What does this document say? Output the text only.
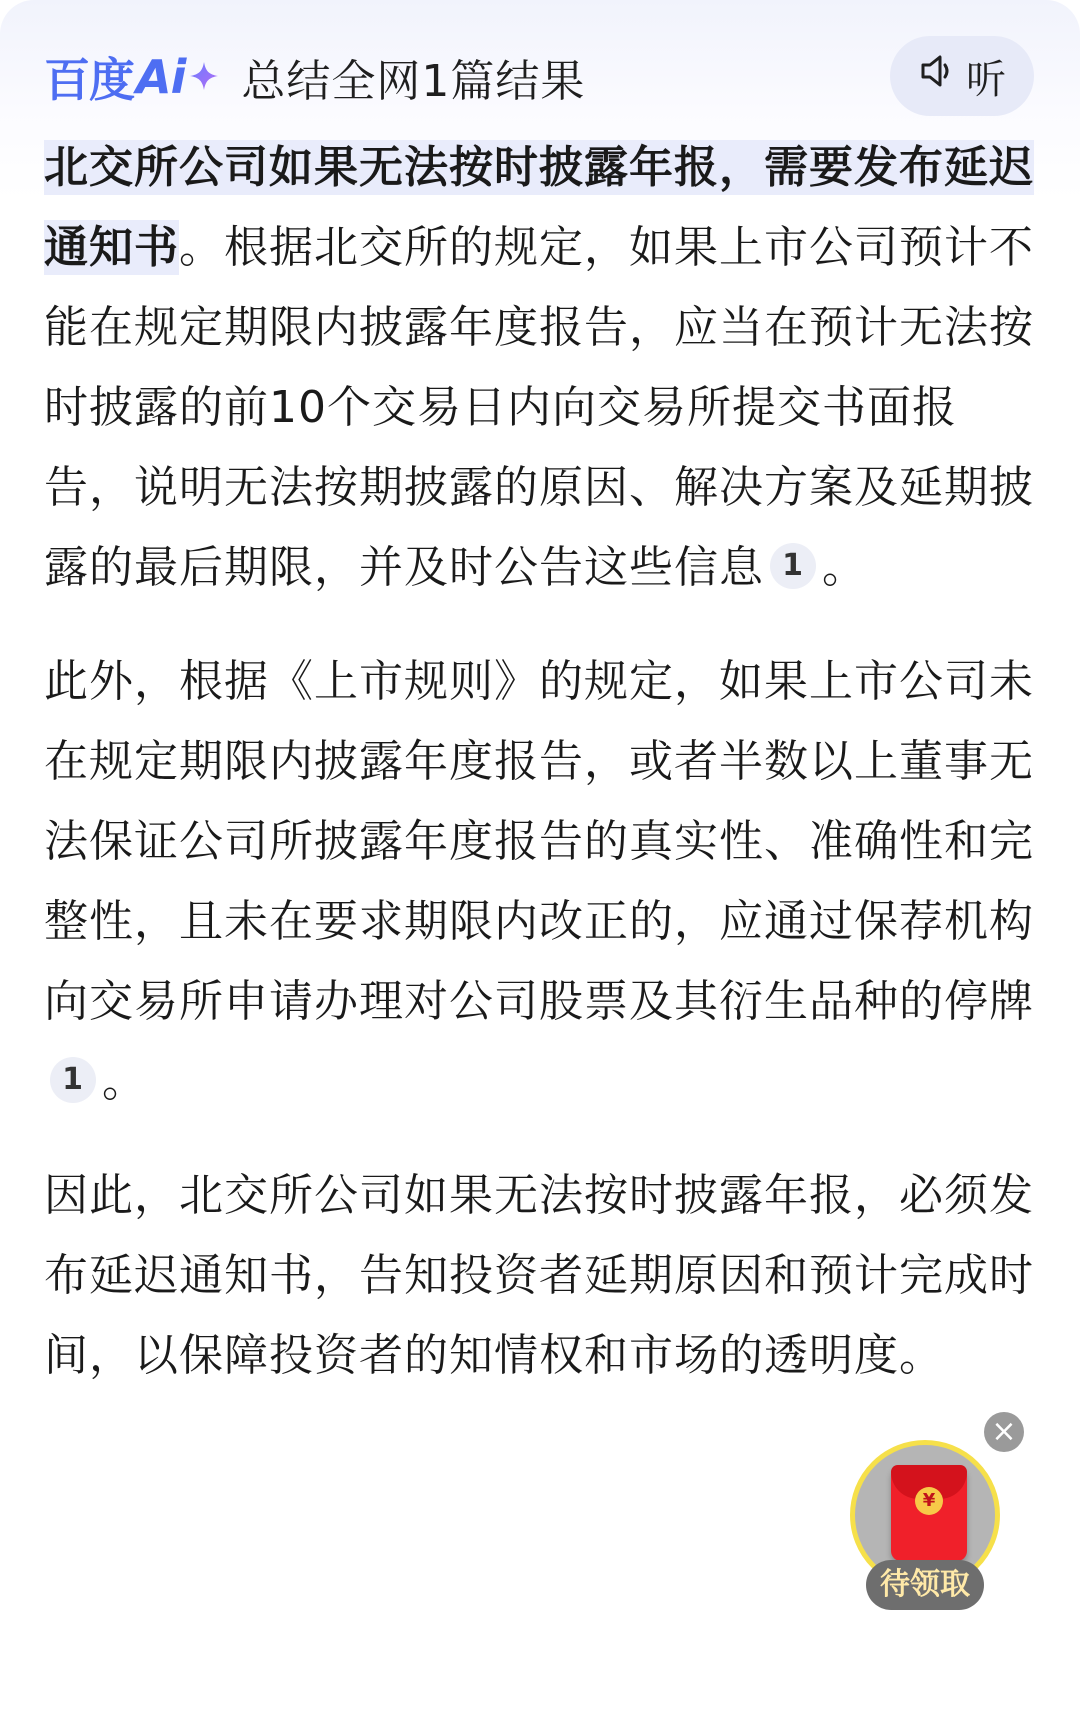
百度 Ai 总结全网1篇结果	听

北交所公司如果无法按时披露年报，需要发布延迟通知书。根据北交所的规定，如果上市公司预计不能在规定期限内披露年度报告，应当在预计无法按时披露的前10个交易日内向交易所提交书面报告，说明无法按期披露的原因、解决方案及延期披露的最后期限，并及时公告这些信息 1 。

此外，根据《上市规则》的规定，如果上市公司未在规定期限内披露年度报告，或者半数以上董事无法保证公司所披露年度报告的真实性、准确性和完整性，且未在要求期限内改正的，应通过保荐机构向交易所申请办理对公司股票及其衍生品种的停牌1 。

因此，北交所公司如果无法按时披露年报，必须发布延迟通知书，告知投资者延期原因和预计完成时间，以保障投资者的知情权和市场的透明度。

¥
待领取
×
